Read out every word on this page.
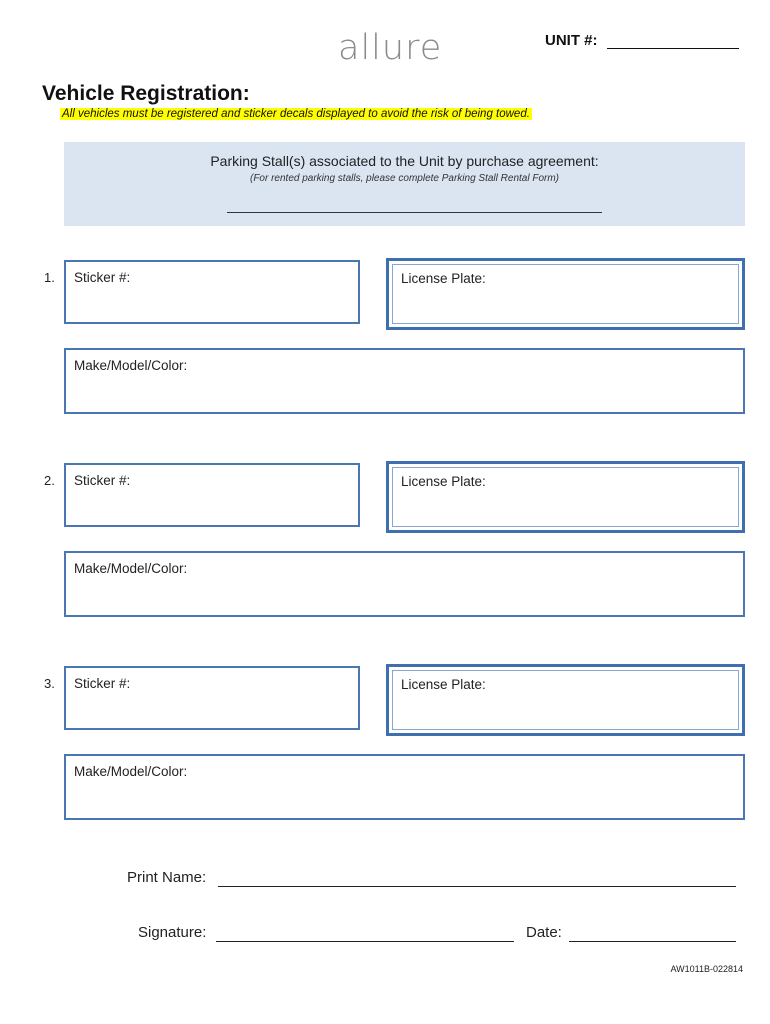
allure	UNIT #:
Vehicle Registration:
All vehicles must be registered and sticker decals displayed to avoid the risk of being towed.
Parking Stall(s) associated to the Unit by purchase agreement:
(For rented parking stalls, please complete Parking Stall Rental Form)
1. Sticker #:	License Plate:
Make/Model/Color:
2. Sticker #:	License Plate:
Make/Model/Color:
3. Sticker #:	License Plate:
Make/Model/Color:
Print Name:
Signature:	Date:
AW1011B-022814
